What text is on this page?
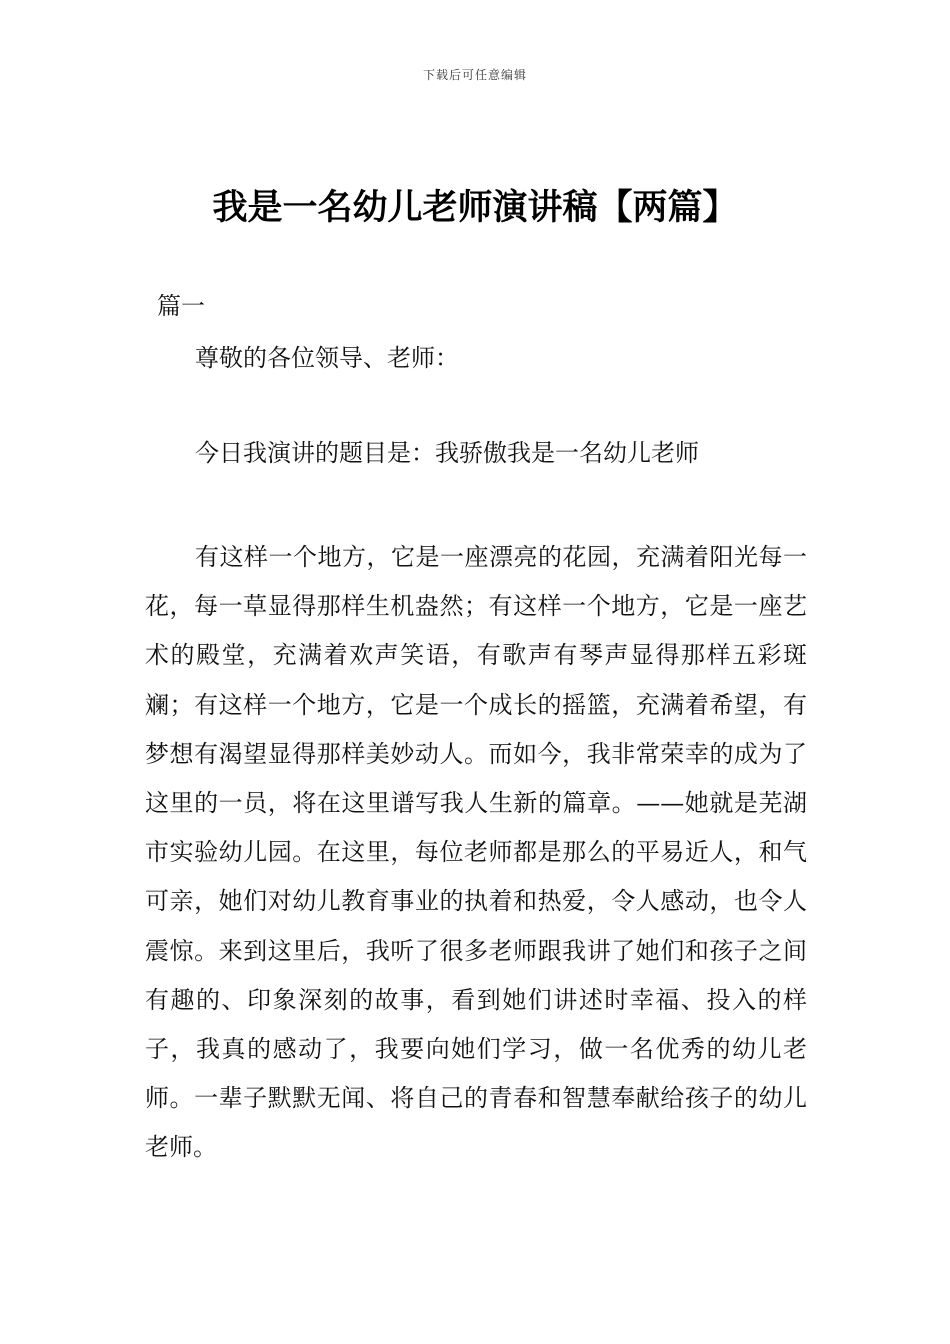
下载后可任意编辑
我是一名幼儿老师演讲稿【两篇】
篇一
尊敬的各位领导、老师：
今日我演讲的题目是：我骄傲我是一名幼儿老师

有这样一个地方，它是一座漂亮的花园，充满着阳光每一花，每一草显得那样生机盎然；有这样一个地方，它是一座艺术的殿堂，充满着欢声笑语，有歌声有琴声显得那样五彩斑斓；有这样一个地方，它是一个成长的摇篮，充满着希望，有梦想有渴望显得那样美妙动人。而如今，我非常荣幸的成为了这里的一员，将在这里谱写我人生新的篇章。——她就是芜湖市实验幼儿园。在这里，每位老师都是那么的平易近人，和气可亲，她们对幼儿教育事业的执着和热爱，令人感动，也令人震惊。来到这里后，我听了很多老师跟我讲了她们和孩子之间有趣的、印象深刻的故事，看到她们讲述时幸福、投入的样子，我真的感动了，我要向她们学习，做一名优秀的幼儿老师。一辈子默默无闻、将自己的青春和智慧奉献给孩子的幼儿老师。
